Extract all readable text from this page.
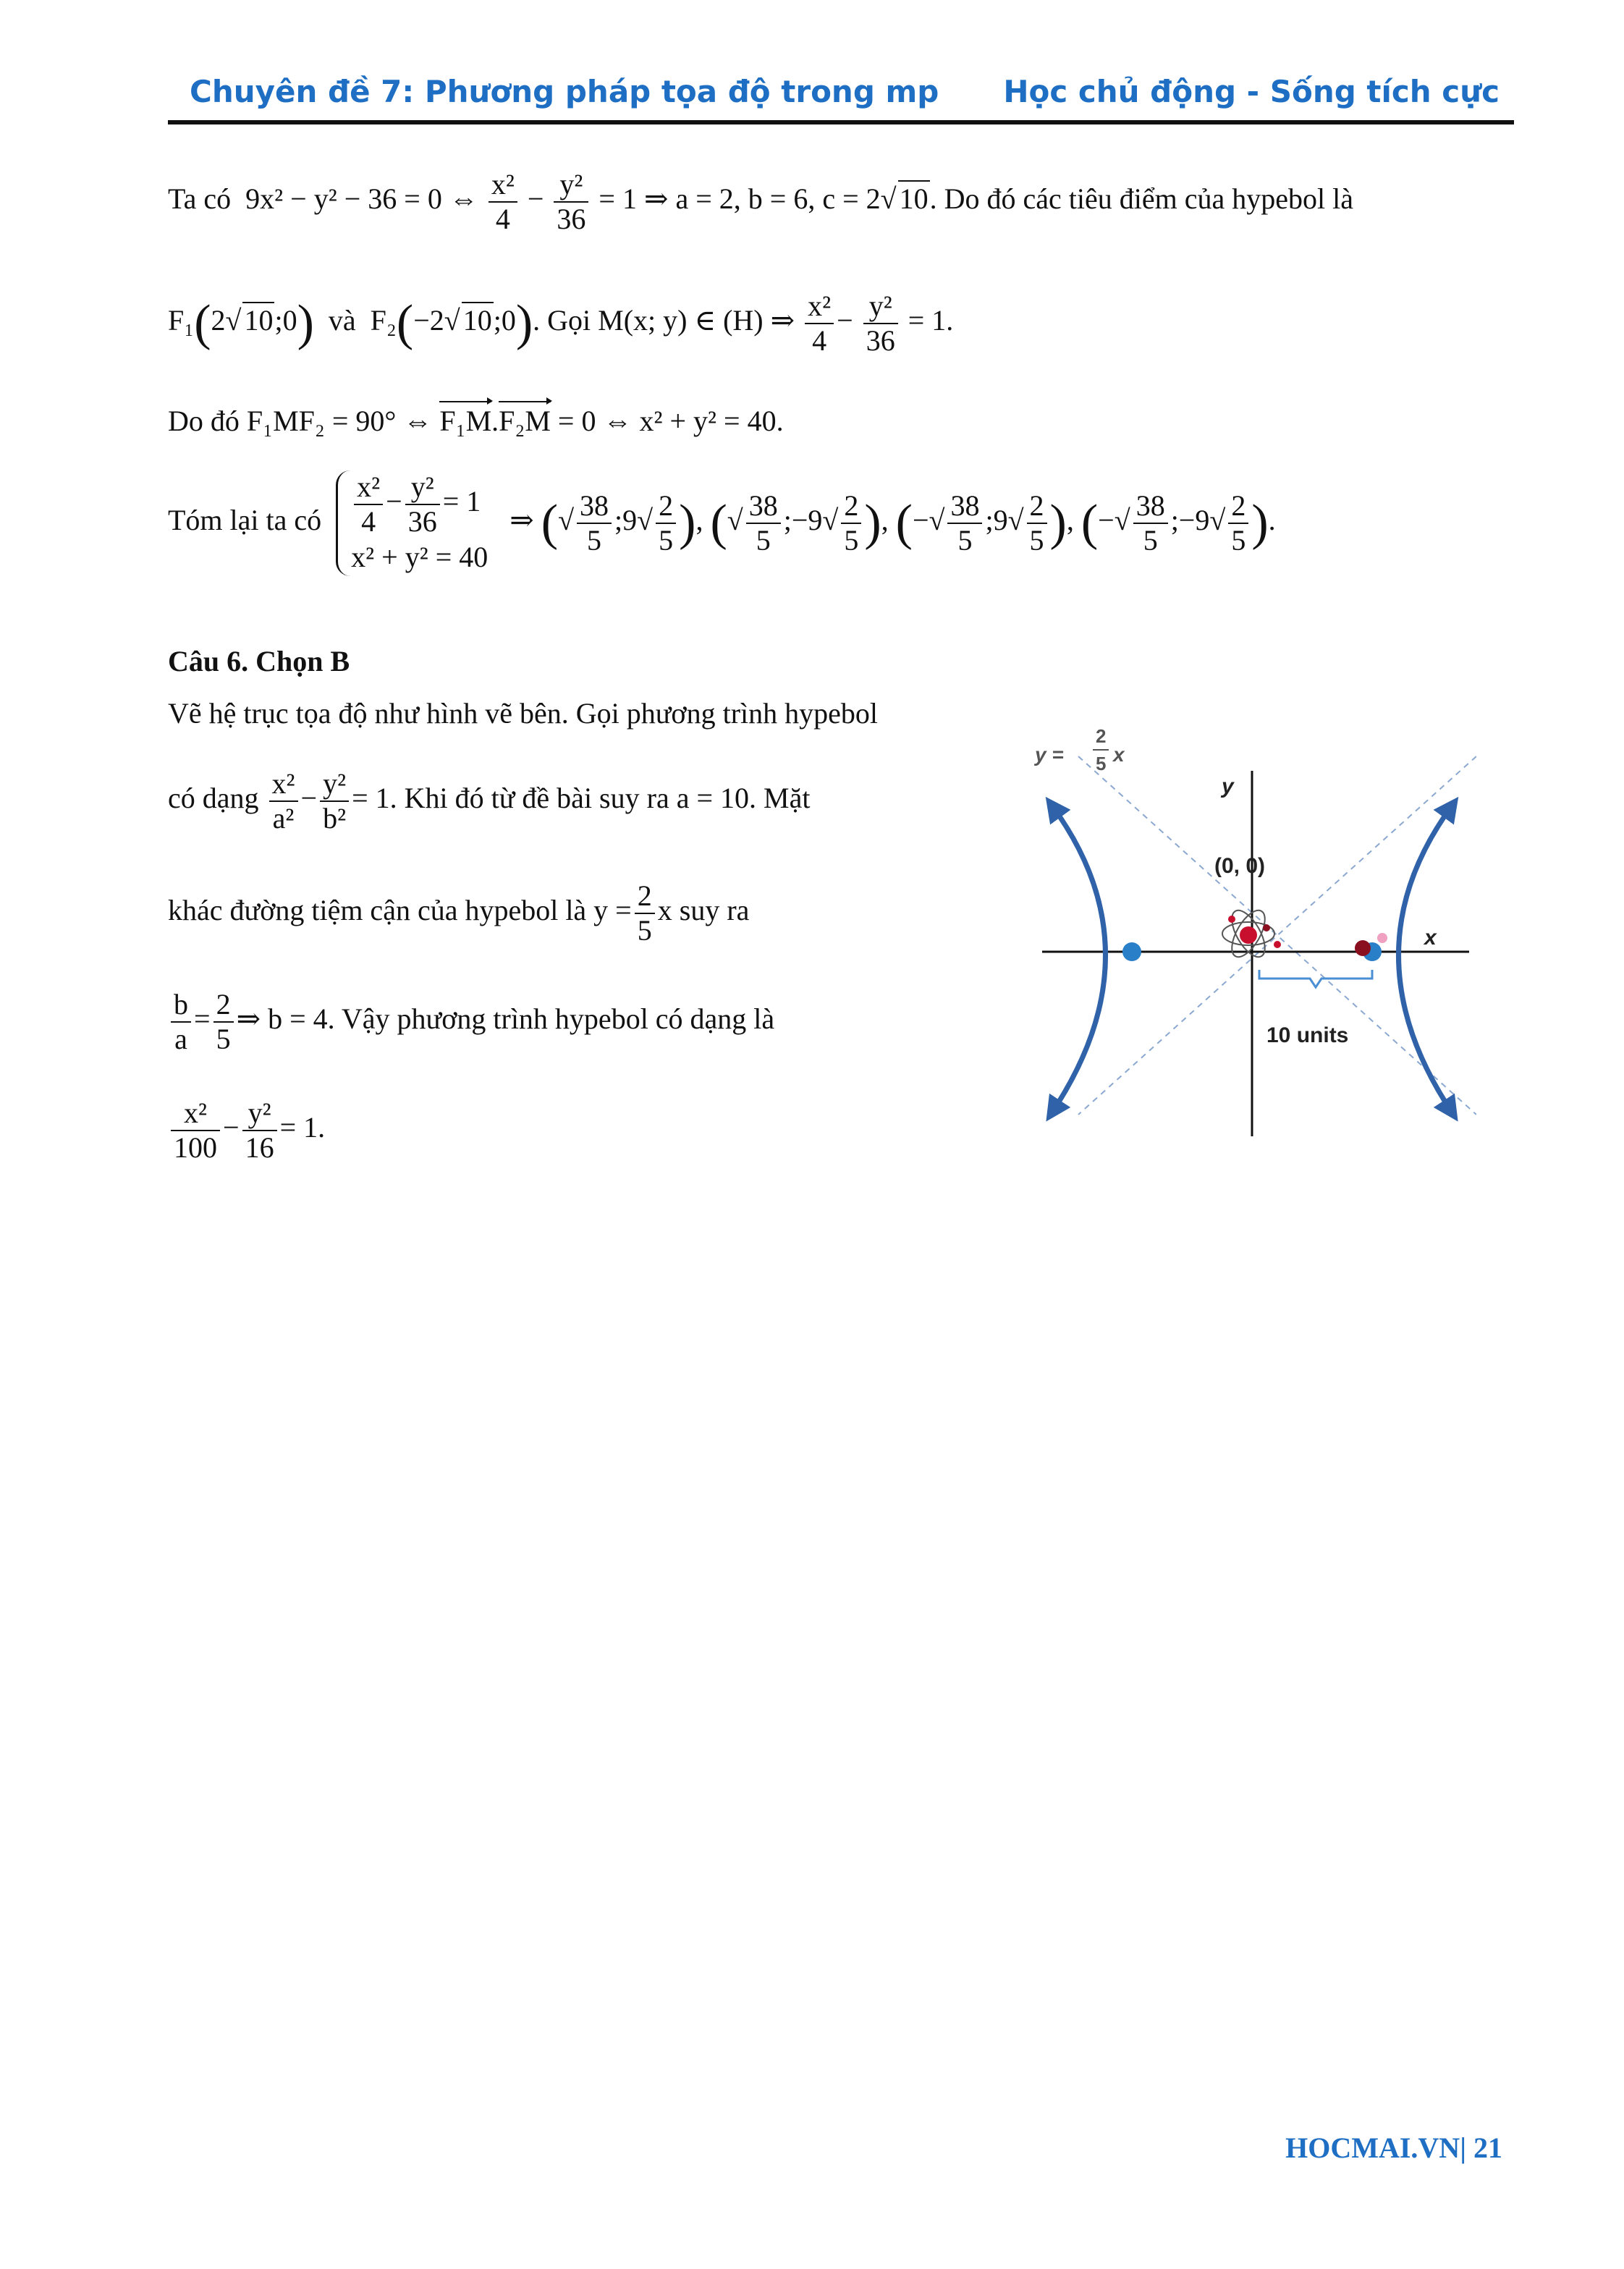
Chuyên đề 7: Phương pháp tọa độ trong mp Học chủ động - Sống tích cực
Ta có 9x² − y² − 36 = 0 ⇔ $\frac{\text{x²}}{4} - \frac{\text{y²}}{36} = 1$ ⇒ a = 2, b = 6, c = 2√ 10. Do đó các tiêu điểm của hypebol là
F₁(2√ 10;0) và F₂(−2√ 10;0). Gọi M(x; y) ∈ (H) ⇒ $\frac{\text{x²}}{4} - \frac{\text{y²}}{36} = 1$.
Do đó F₁MF₂ = 90° ⇔ F₁M.F₂M = 0 ⇔ x² + y² = 40.
Tóm lại ta có $\frac{\text{x²}}{4} - \frac{\text{y²}}{36} = 1$
x² + y² = 40
⇒ (√ $\frac{38}{5}$ ;9√ $\frac{2}{5}$ ), (√ $\frac{38}{5}$ ;−9√ $\frac{2}{5}$ ), (−√ $\frac{38}{5}$ ;9√ $\frac{2}{5}$ ), (−√ $\frac{38}{5}$ ;−9√ $\frac{2}{5}$ ).
Câu 6. Chọn B
Vẽ hệ trục tọa độ như hình vẽ bên. Gọi phương trình hypebol
có dạng $\frac{\text{x²}}{\text{a²}} - \frac{\text{y²}}{\text{b²}} = 1$. Khi đó từ đề bài suy ra a = 10. Mặt
khác đường tiệm cận của hypebol là $y = \frac{2}{5}$ x suy ra
$\frac{b}{a} = \frac{2}{5}$ ⇒ b = 4. Vậy phương trình hypebol có dạng là
$\frac{\text{x²}}{100} - \frac{\text{y²}}{16} = 1$.
y =
2
5 x
y
x
(0, 0)
10 units
HOCMAI.VN| 21
